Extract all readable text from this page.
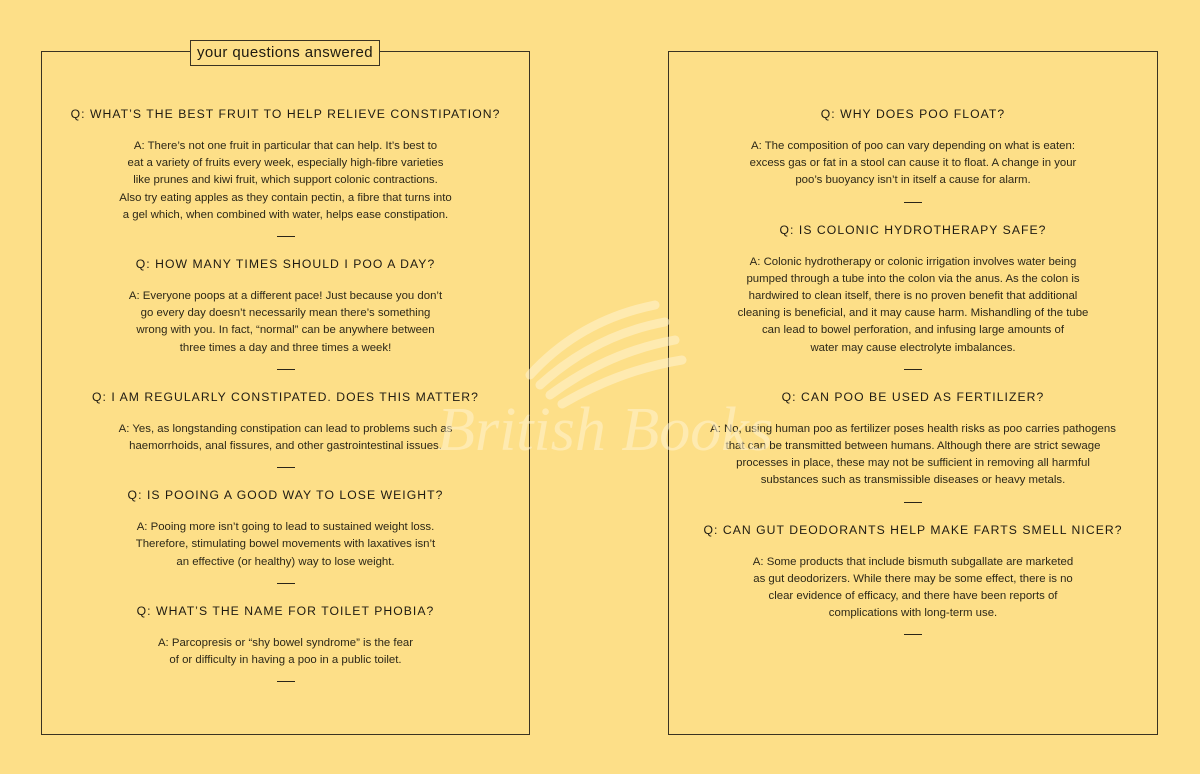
Q: WHAT’S THE BEST FRUIT TO HELP RELIEVE CONSTIPATION?
A: There’s not one fruit in particular that can help. It’s best to
eat a variety of fruits every week, especially high-fibre varieties
like prunes and kiwi fruit, which support colonic contractions.
Also try eating apples as they contain pectin, a fibre that turns into
a gel which, when combined with water, helps ease constipation.
Q: HOW MANY TIMES SHOULD I POO A DAY?
A: Everyone poops at a different pace! Just because you don’t
go every day doesn’t necessarily mean there’s something
wrong with you. In fact, “normal” can be anywhere between
three times a day and three times a week!
Q: I AM REGULARLY CONSTIPATED. DOES THIS MATTER?
A: Yes, as longstanding constipation can lead to problems such as
haemorrhoids, anal fissures, and other gastrointestinal issues.
Q: IS POOING A GOOD WAY TO LOSE WEIGHT?
A: Pooing more isn’t going to lead to sustained weight loss.
Therefore, stimulating bowel movements with laxatives isn’t
an effective (or healthy) way to lose weight.
Q: WHAT’S THE NAME FOR TOILET PHOBIA?
A: Parcopresis or “shy bowel syndrome” is the fear
of or difficulty in having a poo in a public toilet.
your questions answered
Q: WHY DOES POO FLOAT?
A: The composition of poo can vary depending on what is eaten:
excess gas or fat in a stool can cause it to float. A change in your
poo’s buoyancy isn’t in itself a cause for alarm.
Q: IS COLONIC HYDROTHERAPY SAFE?
A: Colonic hydrotherapy or colonic irrigation involves water being
pumped through a tube into the colon via the anus. As the colon is
hardwired to clean itself, there is no proven benefit that additional
cleaning is beneficial, and it may cause harm. Mishandling of the tube
can lead to bowel perforation, and infusing large amounts of
water may cause electrolyte imbalances.
Q: CAN POO BE USED AS FERTILIZER?
A: No, using human poo as fertilizer poses health risks as poo carries pathogens
that can be transmitted between humans. Although there are strict sewage
processes in place, these may not be sufficient in removing all harmful
substances such as transmissible diseases or heavy metals.
Q: CAN GUT DEODORANTS HELP MAKE FARTS SMELL NICER?
A: Some products that include bismuth subgallate are marketed
as gut deodorizers. While there may be some effect, there is no
clear evidence of efficacy, and there have been reports of
complications with long-term use.
British Books
